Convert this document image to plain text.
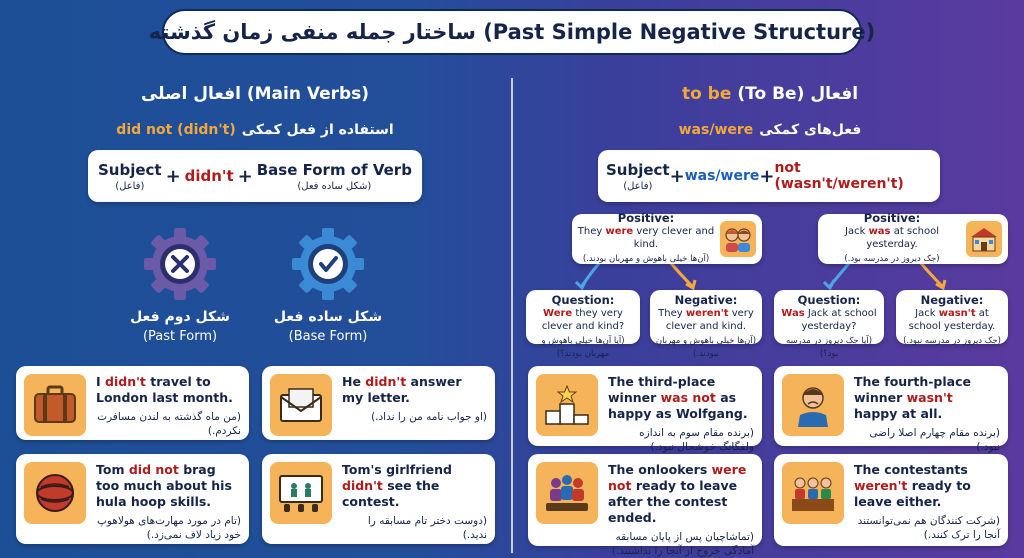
ساختار جمله منفی زمان گذشته (Past Simple Negative Structure)
افعال اصلی (Main Verbs)
did not (didn't) استفاده از فعل کمکی
Subject
(فاعل)	+ didn't + Base Form of Verb
(شکل ساده فعل)
شکل دوم فعل
(Past Form)
شکل ساده فعل
(Base Form)
I didn't travel to London last month.
(من ماه گذشته به لندن مسافرت نکردم.)
He didn't answer my letter.
(او جواب نامه من را نداد.)
Tom did not brag too much about his hula hoop skills.
(تام در مورد مهارت‌های هولاهوپ خود زیاد لاف نمی‌زد.)
Tom's girlfriend didn't see the contest.
(دوست دختر تام مسابقه را ندید.)
to be (To Be) افعال
was/were فعل‌های کمکی
Subject
(فاعل) + was/were + not (wasn't/weren't)
Positive:
They were very clever and kind.
(آن‌ها خیلی باهوش و مهربان بودند.)
Question:
Were they very clever and kind?
(آیا آن‌ها خیلی باهوش و مهربان بودند؟)
Negative:
They weren't very clever and kind.
(آن‌ها خیلی باهوش و مهربان نبودند.)
Positive:
Jack was at school yesterday.
(جک دیروز در مدرسه بود.)
Question:
Was Jack at school yesterday?
(آیا جک دیروز در مدرسه بود؟)
Negative:
Jack wasn't at school yesterday.
(جک دیروز در مدرسه نبود.)
The third-place winner was not as happy as Wolfgang.
(برنده مقام سوم به اندازه ولفگانگ خوشحال نبود.)
The fourth-place winner wasn't happy at all.
(برنده مقام چهارم اصلا راضی نبود.)
The onlookers were not ready to leave after the contest ended.
(تماشاچیان پس از پایان مسابقه آمادگی خروج از آنجا را نداشتند.)
The contestants weren't ready to leave either.
(شرکت کنندگان هم نمی‌توانستند آنجا را ترک کنند.)
